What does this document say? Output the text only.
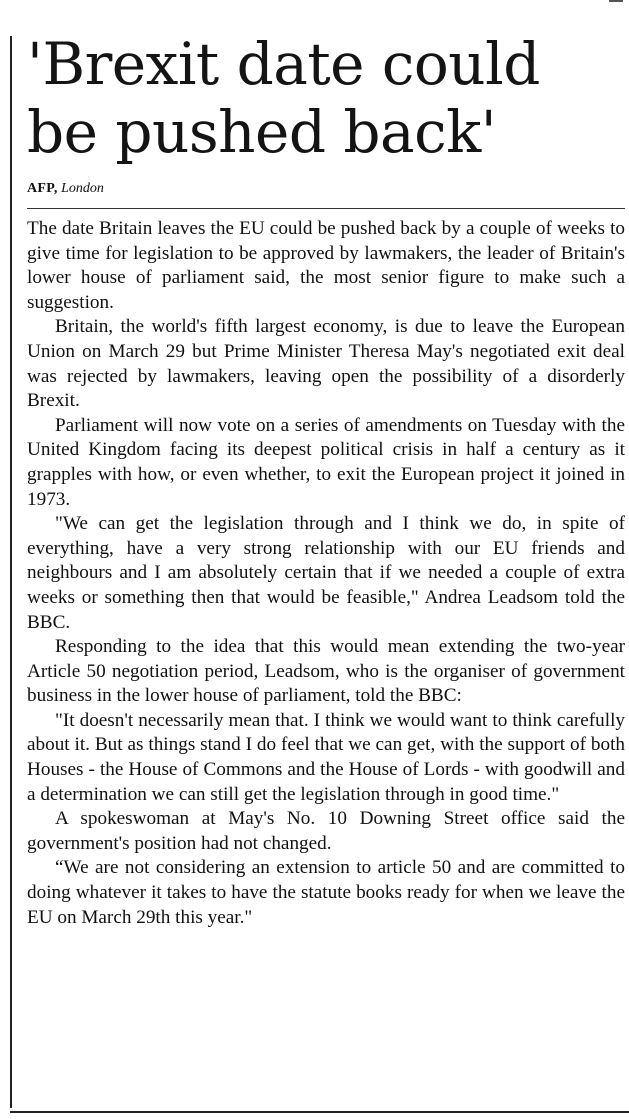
'Brexit date could be pushed back'
AFP, London

The date Britain leaves the EU could be pushed back by a couple of weeks to give time for legislation to be approved by lawmakers, the leader of Britain's lower house of parliament said, the most senior figure to make such a suggestion.

Britain, the world's fifth largest economy, is due to leave the European Union on March 29 but Prime Minister Theresa May's negotiated exit deal was rejected by lawmakers, leaving open the possibility of a disorderly Brexit.

Parliament will now vote on a series of amendments on Tuesday with the United Kingdom facing its deepest political crisis in half a century as it grapples with how, or even whether, to exit the European project it joined in 1973.

"We can get the legislation through and I think we do, in spite of everything, have a very strong relationship with our EU friends and neighbours and I am absolutely certain that if we needed a couple of extra weeks or something then that would be feasible," Andrea Leadsom told the BBC.

Responding to the idea that this would mean extending the two-year Article 50 negotiation period, Leadsom, who is the organiser of government business in the lower house of parliament, told the BBC:

"It doesn't necessarily mean that. I think we would want to think carefully about it. But as things stand I do feel that we can get, with the support of both Houses - the House of Commons and the House of Lords - with goodwill and a determination we can still get the legislation through in good time."

A spokeswoman at May's No. 10 Downing Street office said the government's position had not changed.

“We are not considering an extension to article 50 and are committed to doing whatever it takes to have the statute books ready for when we leave the EU on March 29th this year."
